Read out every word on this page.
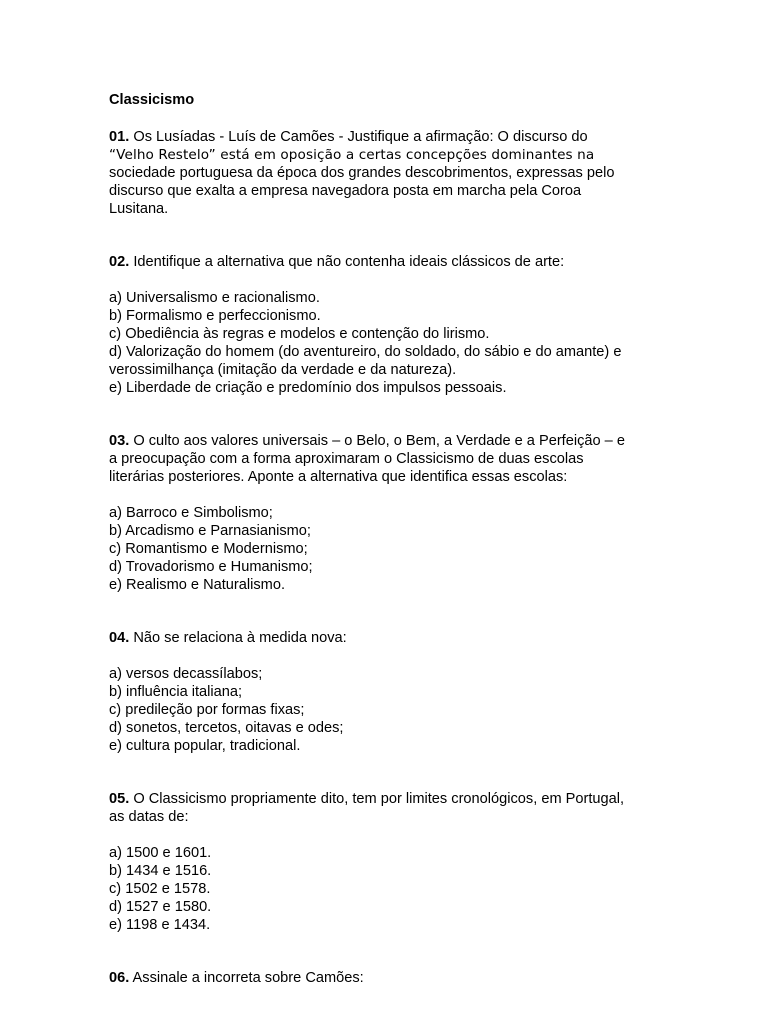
Classicismo
01. Os Lusíadas - Luís de Camões - Justifique a afirmação: O discurso do
“Velho Restelo” está em oposição a certas concepções dominantes na
sociedade portuguesa da época dos grandes descobrimentos, expressas pelo
discurso que exalta a empresa navegadora posta em marcha pela Coroa
Lusitana.
02. Identifique a alternativa que não contenha ideais clássicos de arte:
a) Universalismo e racionalismo.
b) Formalismo e perfeccionismo.
c) Obediência às regras e modelos e contenção do lirismo.
d) Valorização do homem (do aventureiro, do soldado, do sábio e do amante) e
verossimilhança (imitação da verdade e da natureza).
e) Liberdade de criação e predomínio dos impulsos pessoais.
03. O culto aos valores universais – o Belo, o Bem, a Verdade e a Perfeição – e
a preocupação com a forma aproximaram o Classicismo de duas escolas
literárias posteriores. Aponte a alternativa que identifica essas escolas:
a) Barroco e Simbolismo;
b) Arcadismo e Parnasianismo;
c) Romantismo e Modernismo;
d) Trovadorismo e Humanismo;
e) Realismo e Naturalismo.
04. Não se relaciona à medida nova:
a) versos decassílabos;
b) influência italiana;
c) predileção por formas fixas;
d) sonetos, tercetos, oitavas e odes;
e) cultura popular, tradicional.
05. O Classicismo propriamente dito, tem por limites cronológicos, em Portugal,
as datas de:
a) 1500 e 1601.
b) 1434 e 1516.
c) 1502 e 1578.
d) 1527 e 1580.
e) 1198 e 1434.
06. Assinale a incorreta sobre Camões:
